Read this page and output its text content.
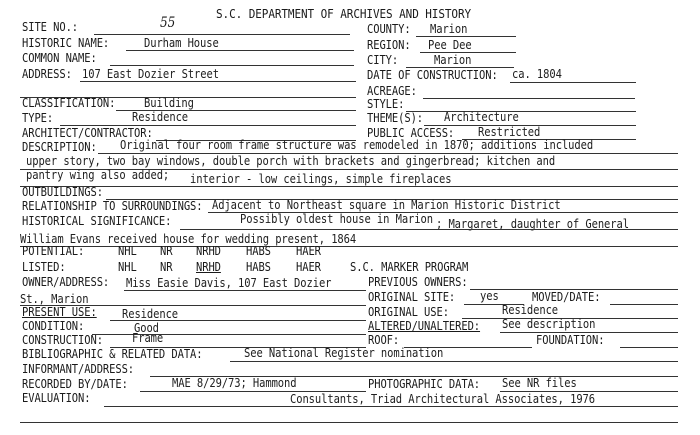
S.C. DEPARTMENT OF ARCHIVES AND HISTORY
SITE NO.:	55	COUNTY: Marion
HISTORIC NAME:	Durham House	REGION: Pee Dee
COMMON NAME:	CITY:	Marion
ADDRESS: 107 East Dozier Street	DATE OF CONSTRUCTION: ca. 1804
ACREAGE:
CLASSIFICATION: Building	STYLE:
TYPE:	Residence	THEME(S): Architecture
ARCHITECT/CONTRACTOR:	PUBLIC ACCESS: Restricted
DESCRIPTION: Original four room frame structure was remodeled in 1870; additions included
upper story, two bay windows, double porch with brackets and gingerbread; kitchen and
pantry wing also added; interior - low ceilings, simple fireplaces
OUTBUILDINGS:
RELATIONSHIP TO SURROUNDINGS: Adjacent to Northeast square in Marion Historic District
HISTORICAL SIGNIFICANCE:	Possibly oldest house in Marion ; Margaret, daughter of General
William Evans received house for wedding present, 1864
POTENTIAL:	NHL NR NRHD HABS HAER
LISTED:	NHL NR NRHD HABS HAER S.C. MARKER PROGRAM
OWNER/ADDRESS: Miss Easie Davis, 107 East Dozier	PREVIOUS OWNERS:
St., Marion	ORIGINAL SITE: yes	MOVED/DATE:
PRESENT USE: Residence	ORIGINAL USE:	Residence
CONDITION:	Good	ALTERED/UNALTERED: See description
CONSTRUCTION: Frame	ROOF:	FOUNDATION:
BIBLIOGRAPHIC & RELATED DATA:	See National Register nomination
INFORMANT/ADDRESS:
RECORDED BY/DATE:	MAE 8/29/73; Hammond	PHOTOGRAPHIC DATA: See NR files
EVALUATION:	Consultants, Triad Architectural Associates, 1976
